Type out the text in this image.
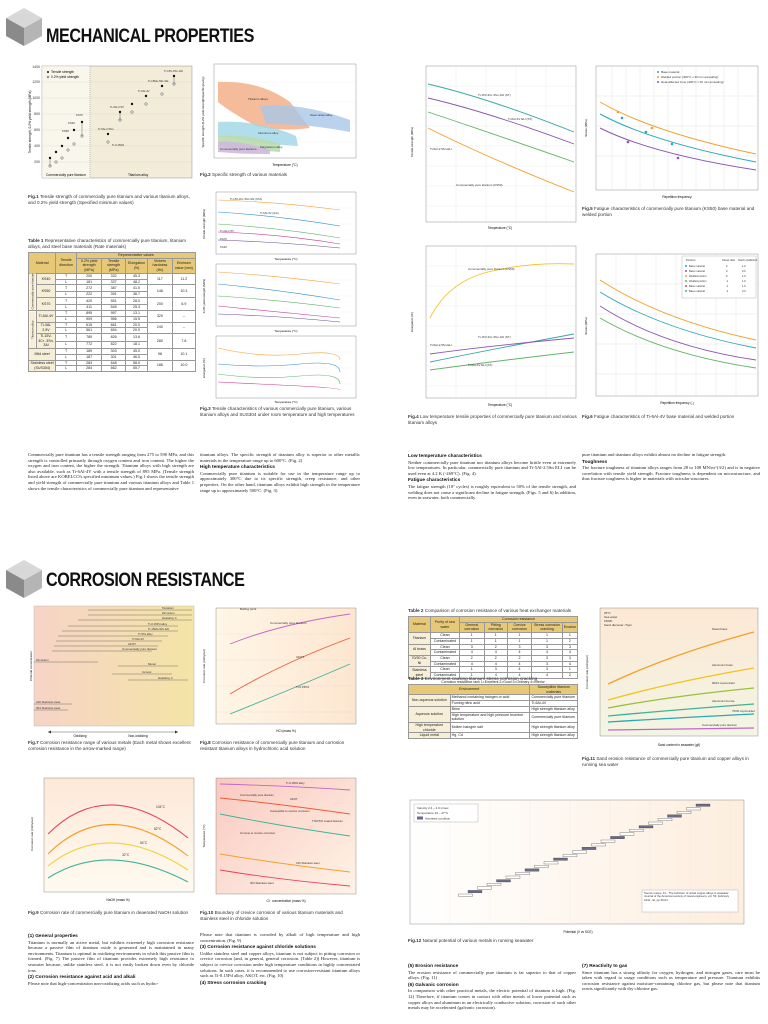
MECHANICAL PROPERTIES
1400
1200
1000
800
600
400
200
Tensile strength, 0.2% yield strength (MPa)
Tensile strength
0.2% yield strength
Ti-15V-3Sn-3Al
Ti-6Al-4V
Ti-15Mo-5Zr-3Al
Ti-3Al-2.5V
Ti-5Al-2.5Sn
Ti-0.15Pd
KS40
KS50
KS70
Commercially pure titanium	Titanium alloy
Fig.1 Tensile strength of commercially pure titanium and various titanium alloys, and 0.2% yield strength (Specified minimum values)
Titanium alloys
Aluminum alloy
Commercially pure titanium Magnesium alloy
Steel-nickel alloy
Specific strength (0.2% yield strength/specific gravity)
Temperature (°C)
Fig.2 Specific strength of various materials
Ti-15V-3Cr-3Sn-3Al (STA)
Ti-6Al-4V (Ann)
Ti-3Al-2.5V
KS70
KS40
Tensile strength (MPa)
0.2% yield strength (MPa)
Elongation (%)
Temperature (°C)
Temperature (°C)
Temperature (°C)
Fig.3 Tensile characteristics of various commercially pure titanium, various titanium alloys and SUS304 under room temperature and high temperatures
Table 1 Representative characteristics of commercially pure titanium, titanium alloys, and steel base materials (Rate materials)
Material		Tensile direction	Representative values				
			0.2% yield strength (MPa)	Tensile strength (MPa)	Elongation (%)	Vickers hardness (Hv)	Erichsen value (mm)
Commercially pure titanium	KS40	T	200	332	45.3	117	11.2
		L	181	337	48.2		
	KS50	T	272	387	41.0	146	10.3
		L	222	391	36.7		
	KS70	T	420	551	28.0	200	6.9
		L	411	545	25.3		
Titanium alloy	Ti-6Al-4V	T	895	957	13.1	320	–
		L	909	956	15.5		
	Ti-3Al-2.5V	T	615	661	20.0	240	–
		L	561	654	20.0		
	Ti-15V-3Cr -3Sn-3Al	T	780	826	13.6	280	7.8
		L	772	822	18.1		
Mild steel		T	189	303	45.0	98	10.1
		L	187	301	46.5		
Stainless steel (SUS304)		T	283	648	58.0	186	10.0
		L	284	662	55.7		
Commercially pure titanium has a tensile strength ranging from 275 to 590 MPa, and this strength is controlled primarily through oxygen content and iron content. The higher the oxygen and iron content, the higher the strength. Titanium alloys with high strength are also available, such as Ti-6Al-4V with a tensile strength of 895 MPa. (Tensile strength listed above are KOBELCO's specified minimum values.) Fig.1 shows the tensile strength and yield strength of commercially pure titanium and various titanium alloys and Table 1 shows the tensile characteristics of commercially pure titanium and representative
titanium alloys. The specific strength of titanium alloy is superior to other metallic materials in the temperature range up to 600°C. (Fig. 2)
High temperature characteristics
Commercially pure titanium is suitable for use in the temperature range up to approximately 300°C due to its specific strength, creep resistance, and other properties. On the other hand, titanium alloys exhibit high strength in the temperature range up to approximately 500°C. (Fig. 3)
Ti-15V-3Cr-3Sn-3Al (ST)
Ti-6Al-4V ELI (ST)
Ti-5Al-2.5Sn ELI
Commercially pure titanium (KS50)
Tensile strength (MPa)
Temperature (°C)
Commercially pure titanium (KS50)
Ti-15V-3Cr-3Sn-3Al (ST)
Ti-5Al-2.5Sn ELI
Ti-6Al-4V ELI (ST)
Elongation (%)
Temperature (°C)
Fig.4 Low temperature tensile properties of commercially pure titanium and various titanium alloys
Base material
Welded portion (400°C x 30 min annealing)
Heat-affected zone (400°C x 30 min annealing)
Stress (MPa)
Repetition frequency
Fig.5 Fatigue characteristics of commercially pure titanium (KS50) base material and welded portion
Portions	Stress ratio Notch coefficient
Base material	0	1.0
Base material	0	3.0
Welded portion	0	1.0
Welded portion	-1	1.0
Base material	-1	1.0
Base material	-1	3.0
Stress (MPa)
Repetition frequency (-)
Fig.6 Fatigue characteristics of Ti-6Al-4V base material and welded portion
Low temperature characteristics
Neither commercially pure titanium nor titanium alloys become brittle even at extremely low temperatures. In particular, commercially pure titanium and Ti-5Al-2.5Sn ELI can be used even at 4.2 K (-269°C). (Fig. 4)
Fatigue characteristics
The fatigue strength (10⁷ cycles) is roughly equivalent to 50% of the tensile strength, and welding does not cause a significant decline in fatigue strength. (Figs. 5 and 6) In addition, even in seawater, both commercially
pure titanium and titanium alloys exhibit almost no decline in fatigue strength.
Toughness
The fracture toughness of titanium alloys ranges from 28 to 108 MN/m^(3/2) and is in negative correlation with tensile yield strength. Fracture toughness is dependent on microstructure, and thus fracture toughness is higher in materials with acicular structures.
CORROSION RESISTANCE
Tantalum
Zirconium
Hastelloy C
Ti-0.15Pd alloy
Ti-15Mo-5Zr-3Al
Ti-5Ta alloy
Ti-6Al-4V
AKOT
Commercially pure titanium
Monel
Inconel
Hastelloy C
Zirconium
316 Stainless steel
304 Stainless steel
Chloride concentration
Oxidizing	Non-oxidizing
Fig.7 Corrosion resistance range of various metals (Each metal shows excellent corrosion resistance in the arrow-marked range)
Boiling point
Commercially pure titanium
AKOT
Ti-0.15Pd
Corrosion rate (mm/year)
HCl (mass %)
Fig.8 Corrosion resistance of commercially pure titanium and corrosion resistant titanium alloys in hydrochloric acid solution
104°C
82°C
54°C
32°C
Corrosion rate (mm/year)
NaOH (mass %)
Fig.9 Corrosion rate of commercially pure titanium in deaerated NaOH solution
Ti-0.15Pd alloy
Commercially pure titanium
AKOT
Susceptible to crevice corrosion
Immune to crevice corrosion
TNO/TiO coated titanium
316 Stainless steel
304 Stainless steel
Temperature (°C)
Cl⁻ concentration (mass %)
Fig.10 Boundary of crevice corrosion of various titanium materials and stainless steel in chloride solution
Table 2 Comparison of corrosion resistance of various heat exchanger materials
Material	Purity of sea water	Corrosion resistance				
		General corrosion	Pitting corrosion	Crevice corrosion	Stress corrosion cracking	Erosion
Titanium	Clean	1	1	1	1	1
	Contaminated	1	1	1	1	2
Al brass	Clean	3	2	3	3	3
	Contaminated	4	4	4	4	4
70/30 Cu-Ni	Clean	2	2	2	3	3
	Contaminated	4	4	4	3	4
Stainless steel	Clean	1	3	4	3	1
	Contaminated	1	4	4	4	2
Corrosion resistance rank 1=Excellent 2=Good 3=Ordinary 4=Inferior
Table 3 Environment causing titanium stress corrosion cracking
Environment		Susceptible titanium materials
Non-aqueous solution	Methanol containing halogen or acid	Commercially pure titanium
	Fuming nitric acid	Ti-6Al-4V
Aqueous solution	Brine	High strength titanium alloy
	High temperature and high pressure bromine solution	Commercially pure titanium
High temperature chloride	Molten halogen salt	High strength titanium alloy
Liquid metal	Hg, Cd	High strength titanium alloy
25°C
Sea water
1500h
Sand diameter <5μm
Naval brass
Aluminum brass
90/10 cupronickel
Aluminum bronze
70/30 cupronickel
Commercially pure titanium
Corrosion rate (mm/year)
Sand content in seawater (g/l)
Fig.11 Sand erosion resistance of commercially pure titanium and copper alloys in running sea water
Velocity 2.4 – 4.0 m/sec
Temperature 10 – 27°C
Activated condition
Source Laque, F.L. 'The behavior of nickel copper alloys in seawater' Journal of the American society of naval engineers, vol. 53, February 1941. ref. pp 29-64
Potential (V vs SCE)
Fig.12 Natural potential of various metals in running seawater
(1) General properties
Titanium is normally an active metal, but exhibits extremely high corrosion resistance because a passive film of titanium oxide is generated and is maintained in many environments. Titanium is optimal in oxidizing environments in which this passive film is formed. (Fig. 7) The passive film of titanium provides extremely high resistance to seawater because, unlike stainless steel, it is not easily broken down even by chloride ions.
(2) Corrosion resistance against acid and alkali
Please note that high-concentration non-oxidizing acids such as hydro-
Please note that titanium is corroded by alkali of high temperature and high concentration. (Fig. 9)
(3) Corrosion resistance against chloride solutions
Unlike stainless steel and copper alloys, titanium is not subject to pitting corrosion or crevice corrosion (and, in general, general corrosion. (Table 2)) However, titanium is subject to crevice corrosion under high temperature conditions in highly concentrated solutions. In such cases, it is recommended to use corrosion-resistant titanium alloys such as Ti-0.15Pd alloy, AKOT, etc. (Fig. 10)
(4) Stress corrosion cracking
(5) Erosion resistance
The erosion resistance of commercially pure titanium is far superior to that of copper alloys. (Fig. 11)
(6) Galvanic corrosion
In comparison with other practical metals, the electric potential of titanium is high. (Fig. 12) Therefore, if titanium comes in contact with other metals of lower potential such as copper alloys and aluminum in an electrically conductive solution, corrosion of such other metals may be accelerated (galvanic corrosion).
(7) Reactivity to gas
Since titanium has a strong affinity for oxygen, hydrogen, and nitrogen gases, care must be taken with regard to usage conditions such as temperature and pressure. Titanium exhibits corrosion resistance against moisture-containing chlorine gas, but please note that titanium reacts significantly with dry chlorine gas.
